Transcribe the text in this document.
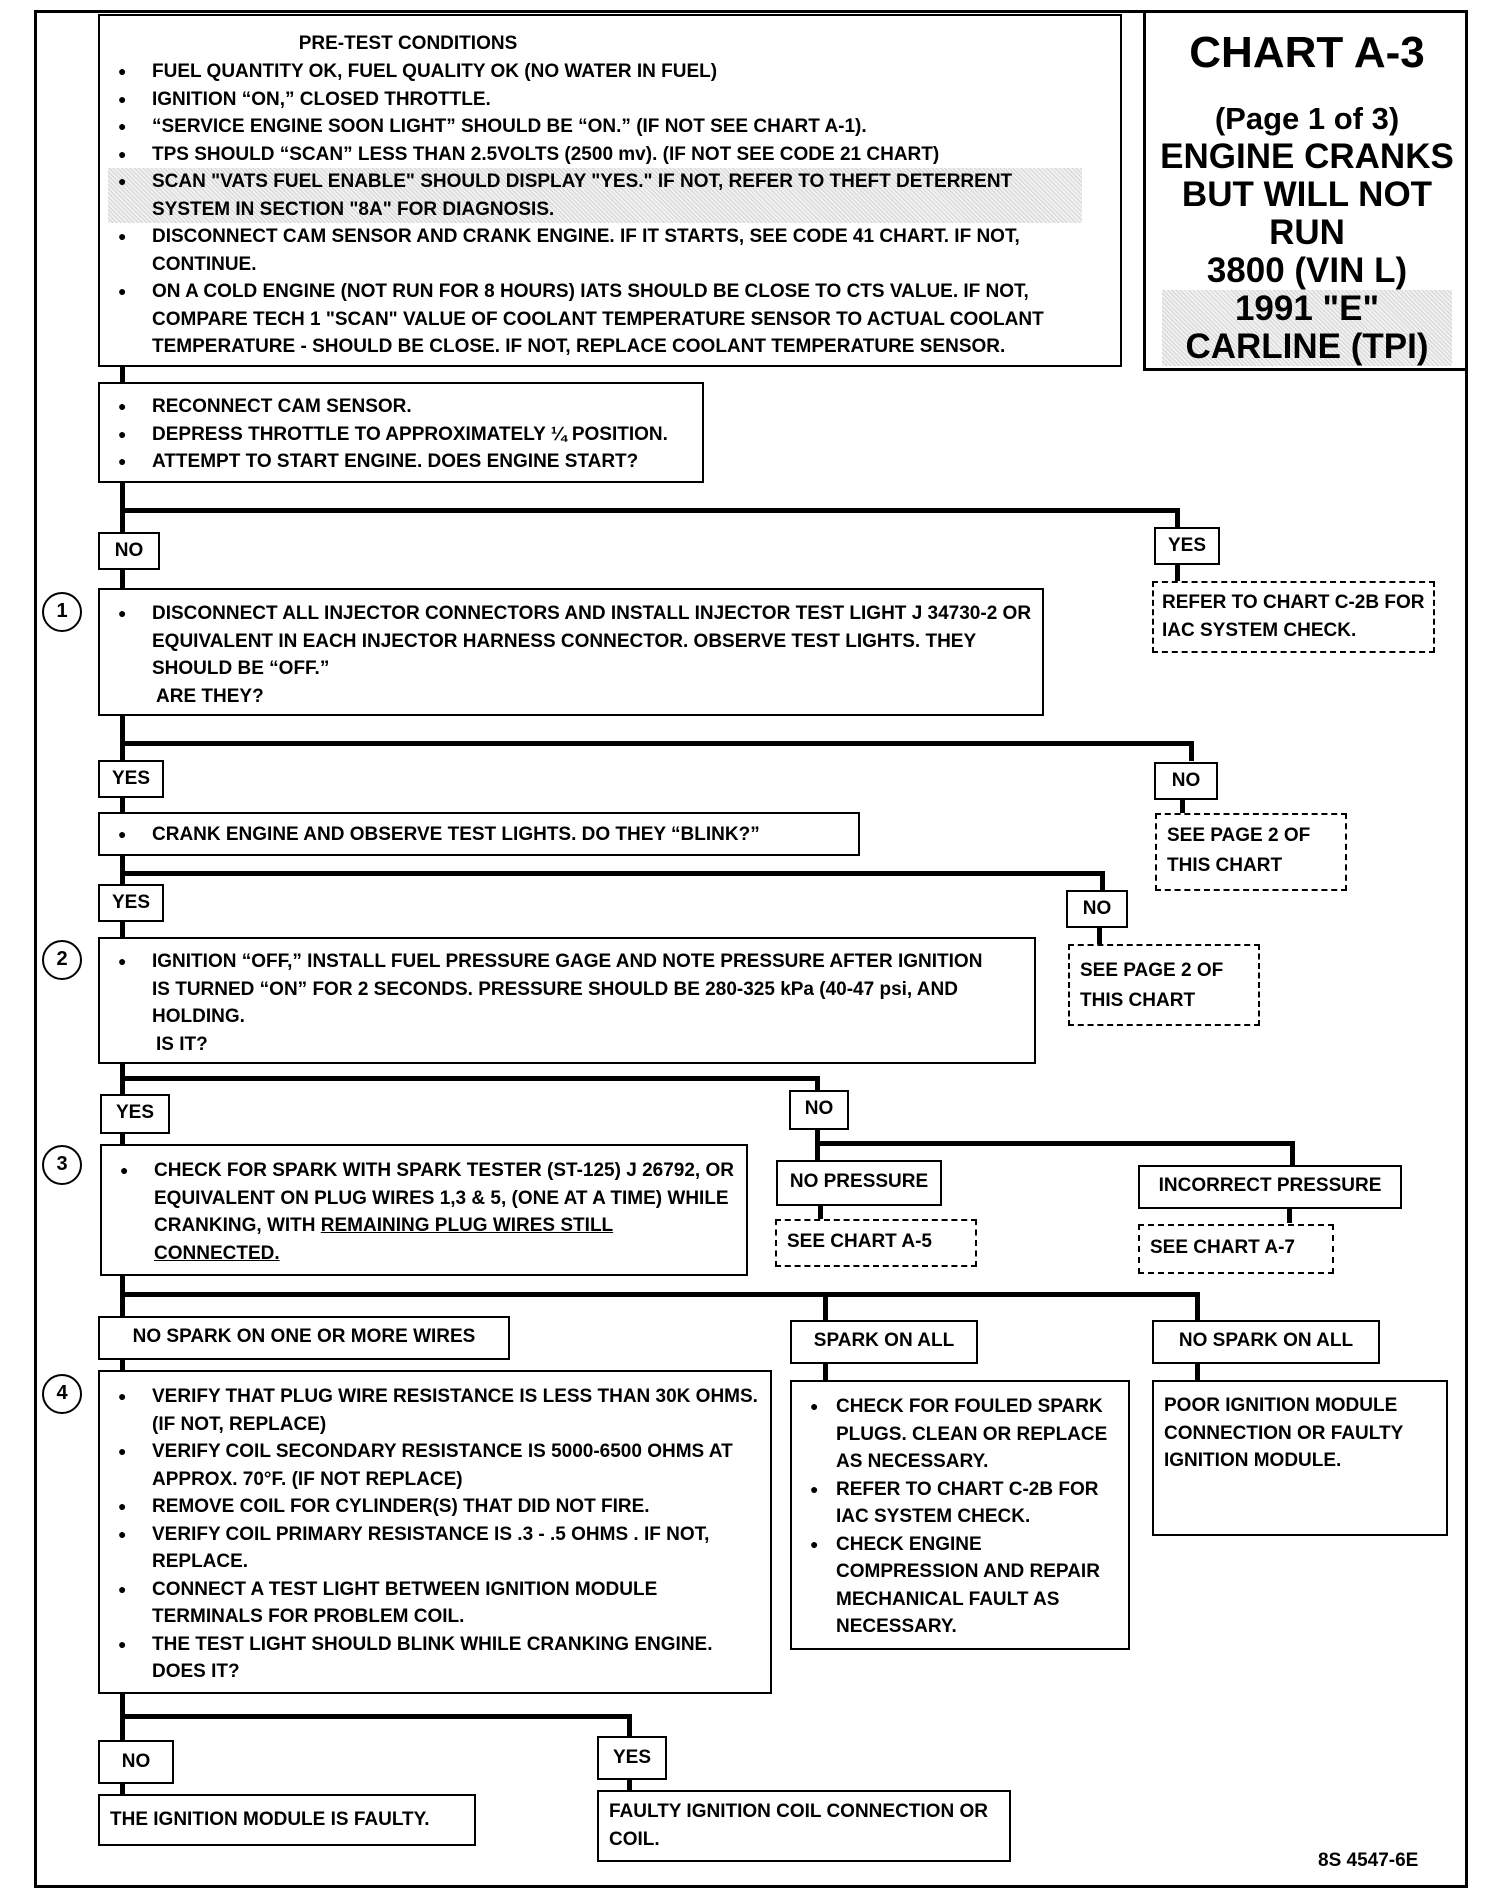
CHART A-3
(Page 1 of 3)
ENGINE CRANKS
BUT WILL NOT
RUN
3800 (VIN L)
1991 "E"
CARLINE (TPI)
PRE-TEST CONDITIONS
● FUEL QUANTITY OK, FUEL QUALITY OK (NO WATER IN FUEL)
● IGNITION “ON,” CLOSED THROTTLE.
● “SERVICE ENGINE SOON LIGHT” SHOULD BE “ON.” (IF NOT SEE CHART A-1).
● TPS SHOULD “SCAN” LESS THAN 2.5VOLTS (2500 mv). (IF NOT SEE CODE 21 CHART)
● SCAN "VATS FUEL ENABLE" SHOULD DISPLAY "YES." IF NOT, REFER TO THEFT DETERRENT SYSTEM IN SECTION "8A" FOR DIAGNOSIS.
● DISCONNECT CAM SENSOR AND CRANK ENGINE. IF IT STARTS, SEE CODE 41 CHART. IF NOT, CONTINUE.
● ON A COLD ENGINE (NOT RUN FOR 8 HOURS) IATS SHOULD BE CLOSE TO CTS VALUE. IF NOT, COMPARE TECH 1 "SCAN" VALUE OF COOLANT TEMPERATURE SENSOR TO ACTUAL COOLANT TEMPERATURE - SHOULD BE CLOSE. IF NOT, REPLACE COOLANT TEMPERATURE SENSOR.
● RECONNECT CAM SENSOR.
● DEPRESS THROTTLE TO APPROXIMATELY ¼ POSITION.
● ATTEMPT TO START ENGINE. DOES ENGINE START?
NO	YES
REFER TO CHART C-2B FOR IAC SYSTEM CHECK.
1	● DISCONNECT ALL INJECTOR CONNECTORS AND INSTALL INJECTOR TEST LIGHT J 34730-2 OR EQUIVALENT IN EACH INJECTOR HARNESS CONNECTOR. OBSERVE TEST LIGHTS. THEY SHOULD BE “OFF.”
ARE THEY?
YES	NO
SEE PAGE 2 OF THIS CHART
● CRANK ENGINE AND OBSERVE TEST LIGHTS. DO THEY “BLINK?”
YES	NO
SEE PAGE 2 OF THIS CHART
2	● IGNITION “OFF,” INSTALL FUEL PRESSURE GAGE AND NOTE PRESSURE AFTER IGNITION IS TURNED “ON” FOR 2 SECONDS. PRESSURE SHOULD BE 280-325 kPa (40-47 psi, AND HOLDING.
IS IT?
YES	NO
NO PRESSURE	INCORRECT PRESSURE
SEE CHART A-5	SEE CHART A-7
3	● CHECK FOR SPARK WITH SPARK TESTER (ST-125) J 26792, OR EQUIVALENT ON PLUG WIRES 1,3 & 5, (ONE AT A TIME) WHILE CRANKING, WITH REMAINING PLUG WIRES STILL CONNECTED.
NO SPARK ON ONE OR MORE WIRES	SPARK ON ALL	NO SPARK ON ALL
4	● VERIFY THAT PLUG WIRE RESISTANCE IS LESS THAN 30K OHMS. (IF NOT, REPLACE)
● VERIFY COIL SECONDARY RESISTANCE IS 5000-6500 OHMS AT APPROX. 70°F. (IF NOT REPLACE)
● REMOVE COIL FOR CYLINDER(S) THAT DID NOT FIRE.
● VERIFY COIL PRIMARY RESISTANCE IS .3 - .5 OHMS . IF NOT, REPLACE.
● CONNECT A TEST LIGHT BETWEEN IGNITION MODULE TERMINALS FOR PROBLEM COIL.
● THE TEST LIGHT SHOULD BLINK WHILE CRANKING ENGINE.
DOES IT?
● CHECK FOR FOULED SPARK PLUGS. CLEAN OR REPLACE AS NECESSARY.
● REFER TO CHART C-2B FOR IAC SYSTEM CHECK.
● CHECK ENGINE COMPRESSION AND REPAIR MECHANICAL FAULT AS NECESSARY.
POOR IGNITION MODULE CONNECTION OR FAULTY IGNITION MODULE.
NO	YES
THE IGNITION MODULE IS FAULTY.	FAULTY IGNITION COIL CONNECTION OR COIL.
8S 4547-6E
